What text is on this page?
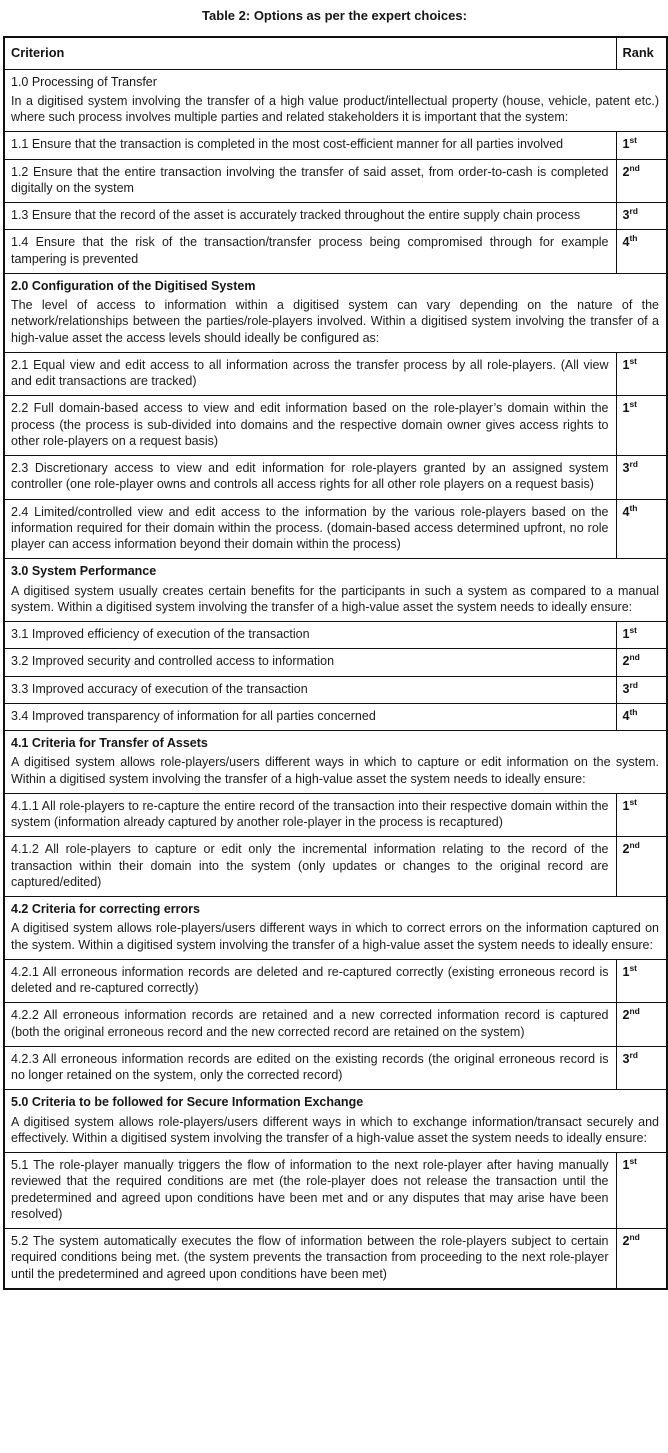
Table 2: Options as per the expert choices:
Criterion	Rank

1.0 Processing of Transfer
In a digitised system involving the transfer of a high value product/intellectual property (house, vehicle, patent etc.) where such process involves multiple parties and related stakeholders it is important that the system:	

1.1 Ensure that the transaction is completed in the most cost-efficient manner for all parties involved	1st
1.2 Ensure that the entire transaction involving the transfer of said asset, from order-to-cash is completed digitally on the system	2nd
1.3 Ensure that the record of the asset is accurately tracked throughout the entire supply chain process	3rd
1.4 Ensure that the risk of the transaction/transfer process being compromised through for example tampering is prevented	4th

2.0 Configuration of the Digitised System
The level of access to information within a digitised system can vary depending on the nature of the network/relationships between the parties/role-players involved. Within a digitised system involving the transfer of a high-value asset the access levels should ideally be configured as:	

2.1 Equal view and edit access to all information across the transfer process by all role-players. (All view and edit transactions are tracked)	1st
2.2 Full domain-based access to view and edit information based on the role-player’s domain within the process (the process is sub-divided into domains and the respective domain owner gives access rights to other role-players on a request basis)	1st
2.3 Discretionary access to view and edit information for role-players granted by an assigned system controller (one role-player owns and controls all access rights for all other role players on a request basis)	3rd
2.4 Limited/controlled view and edit access to the information by the various role-players based on the information required for their domain within the process. (domain-based access determined upfront, no role player can access information beyond their domain within the process)	4th

3.0 System Performance
A digitised system usually creates certain benefits for the participants in such a system as compared to a manual system. Within a digitised system involving the transfer of a high-value asset the system needs to ideally ensure:	

3.1 Improved efficiency of execution of the transaction	1st
3.2 Improved security and controlled access to information	2nd
3.3 Improved accuracy of execution of the transaction	3rd
3.4 Improved transparency of information for all parties concerned	4th

4.1 Criteria for Transfer of Assets
A digitised system allows role-players/users different ways in which to capture or edit information on the system. Within a digitised system involving the transfer of a high-value asset the system needs to ideally ensure:	

4.1.1 All role-players to re-capture the entire record of the transaction into their respective domain within the system (information already captured by another role-player in the process is recaptured)	1st
4.1.2 All role-players to capture or edit only the incremental information relating to the record of the transaction within their domain into the system (only updates or changes to the original record are captured/edited)	2nd

4.2 Criteria for correcting errors
A digitised system allows role-players/users different ways in which to correct errors on the information captured on the system. Within a digitised system involving the transfer of a high-value asset the system needs to ideally ensure:	

4.2.1 All erroneous information records are deleted and re-captured correctly (existing erroneous record is deleted and re-captured correctly)	1st
4.2.2 All erroneous information records are retained and a new corrected information record is captured (both the original erroneous record and the new corrected record are retained on the system)	2nd
4.2.3 All erroneous information records are edited on the existing records (the original erroneous record is no longer retained on the system, only the corrected record)	3rd

5.0 Criteria to be followed for Secure Information Exchange
A digitised system allows role-players/users different ways in which to exchange information/transact securely and effectively. Within a digitised system involving the transfer of a high-value asset the system needs to ideally ensure:	

5.1 The role-player manually triggers the flow of information to the next role-player after having manually reviewed that the required conditions are met (the role-player does not release the transaction until the predetermined and agreed upon conditions have been met and or any disputes that may arise have been resolved)	1st
5.2 The system automatically executes the flow of information between the role-players subject to certain required conditions being met. (the system prevents the transaction from proceeding to the next role-player until the predetermined and agreed upon conditions have been met)	2nd
